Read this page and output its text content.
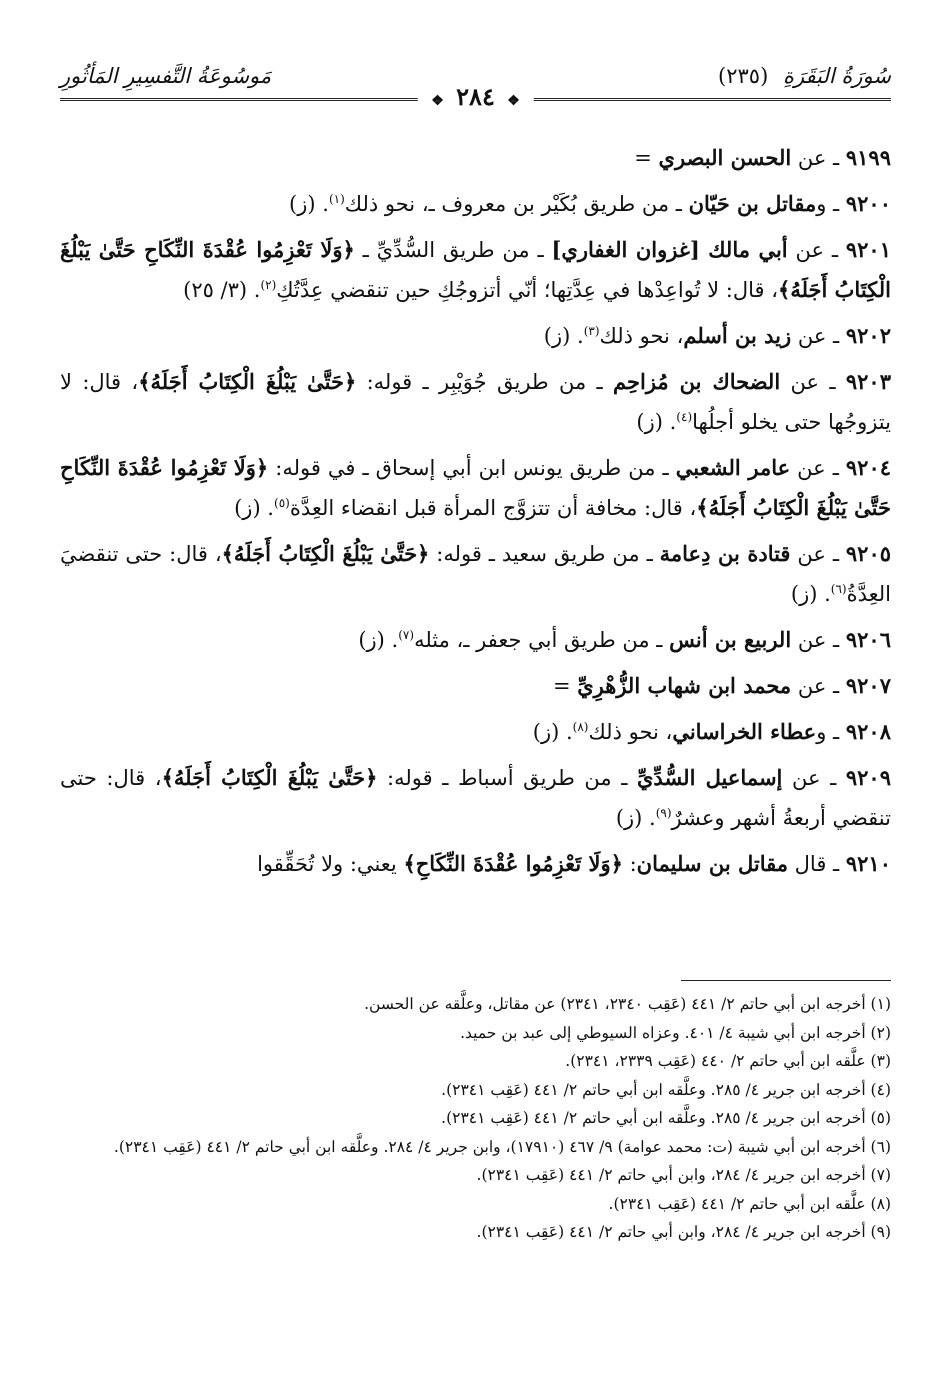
سُورَةُ البَقَرَةِ (٢٣٥)
مَوسُوعَةُ التَّفسِيرِ المَأثُورِ
❖ ٢٨٤ ❖

٩١٩٩ ـ عن الحسن البصري =

٩٢٠٠ ـ ومقاتل بن حَيّان ـ من طريق بُكَيْر بن معروف ـ، نحو ذلك$^{(١)}$. (ز)

٩٢٠١ ـ عن أبي مالك [غزوان الغفاري] ـ من طريق السُّدِّيِّ ـ ﴿وَلَا تَعْزِمُوا عُقْدَةَ النِّكَاحِ حَتَّىٰ يَبْلُغَ الْكِتَابُ أَجَلَهُ﴾، قال: لا تُواعِدْها في عِدَّتِها؛ أنّي أتزوجُكِ حين تنقضي عِدَّتُكِ$^{(٢)}$. (٣/ ٢٥)

٩٢٠٢ ـ عن زيد بن أسلم، نحو ذلك$^{(٣)}$. (ز)

٩٢٠٣ ـ عن الضحاك بن مُزاحِم ـ من طريق جُوَيْبِر ـ قوله: ﴿حَتَّىٰ يَبْلُغَ الْكِتَابُ أَجَلَهُ﴾، قال: لا يتزوجُها حتى يخلو أجلُها$^{(٤)}$. (ز)

٩٢٠٤ ـ عن عامر الشعبي ـ من طريق يونس ابن أبي إسحاق ـ في قوله: ﴿وَلَا تَعْزِمُوا عُقْدَةَ النِّكَاحِ حَتَّىٰ يَبْلُغَ الْكِتَابُ أَجَلَهُ﴾، قال: مخافة أن تتزوَّج المرأة قبل انقضاء العِدَّة$^{(٥)}$. (ز)

٩٢٠٥ ـ عن قتادة بن دِعامة ـ من طريق سعيد ـ قوله: ﴿حَتَّىٰ يَبْلُغَ الْكِتَابُ أَجَلَهُ﴾، قال: حتى تنقضيَ العِدَّةُ$^{(٦)}$. (ز)

٩٢٠٦ ـ عن الربيع بن أنس ـ من طريق أبي جعفر ـ، مثله$^{(٧)}$. (ز)

٩٢٠٧ ـ عن محمد ابن شهاب الزُّهْرِيِّ =

٩٢٠٨ ـ وعطاء الخراساني، نحو ذلك$^{(٨)}$. (ز)

٩٢٠٩ ـ عن إسماعيل السُّدِّيِّ ـ من طريق أسباط ـ قوله: ﴿حَتَّىٰ يَبْلُغَ الْكِتَابُ أَجَلَهُ﴾، قال: حتى تنقضي أربعةُ أشهر وعشرٌ$^{(٩)}$. (ز)

٩٢١٠ ـ قال مقاتل بن سليمان: ﴿وَلَا تَعْزِمُوا عُقْدَةَ النِّكَاحِ﴾ يعني: ولا تُحَقِّقوا

(١) أخرجه ابن أبي حاتم ٢/ ٤٤١ (عَقِب ٢٣٤٠، ٢٣٤١) عن مقاتل، وعلَّقه عن الحسن.

(٢) أخرجه ابن أبي شيبة ٤/ ٤٠١. وعزاه السيوطي إلى عبد بن حميد.

(٣) علَّقه ابن أبي حاتم ٢/ ٤٤٠ (عَقِب ٢٣٣٩، ٢٣٤١).

(٤) أخرجه ابن جرير ٤/ ٢٨٥. وعلَّقه ابن أبي حاتم ٢/ ٤٤١ (عَقِب ٢٣٤١).

(٥) أخرجه ابن جرير ٤/ ٢٨٥. وعلَّقه ابن أبي حاتم ٢/ ٤٤١ (عَقِب ٢٣٤١).

(٦) أخرجه ابن أبي شيبة (ت: محمد عوامة) ٩/ ٤٦٧ (١٧٩١٠)، وابن جرير ٤/ ٢٨٤. وعلَّقه ابن أبي حاتم ٢/ ٤٤١ (عَقِب ٢٣٤١).

(٧) أخرجه ابن جرير ٤/ ٢٨٤، وابن أبي حاتم ٢/ ٤٤١ (عَقِب ٢٣٤١).

(٨) علَّقه ابن أبي حاتم ٢/ ٤٤١ (عَقِب ٢٣٤١).

(٩) أخرجه ابن جرير ٤/ ٢٨٤، وابن أبي حاتم ٢/ ٤٤١ (عَقِب ٢٣٤١).
